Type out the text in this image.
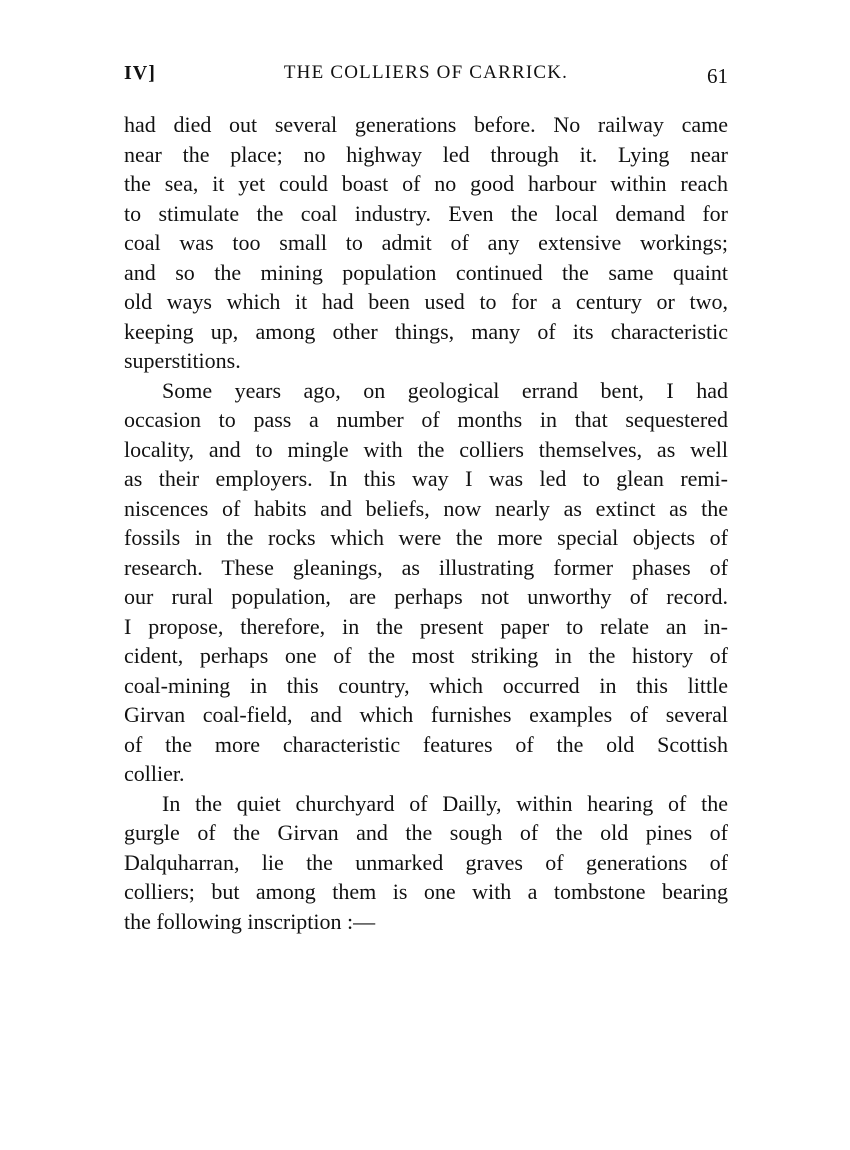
IV]	THE COLLIERS OF CARRICK.	61
had died out several generations before. No railway came
near the place; no highway led through it. Lying near
the sea, it yet could boast of no good harbour within reach
to stimulate the coal industry. Even the local demand for
coal was too small to admit of any extensive workings;
and so the mining population continued the same quaint
old ways which it had been used to for a century or two,
keeping up, among other things, many of its characteristic
superstitions.
Some years ago, on geological errand bent, I had
occasion to pass a number of months in that sequestered
locality, and to mingle with the colliers themselves, as well
as their employers. In this way I was led to glean remi-
niscences of habits and beliefs, now nearly as extinct as the
fossils in the rocks which were the more special objects of
research. These gleanings, as illustrating former phases of
our rural population, are perhaps not unworthy of record.
I propose, therefore, in the present paper to relate an in-
cident, perhaps one of the most striking in the history of
coal-mining in this country, which occurred in this little
Girvan coal-field, and which furnishes examples of several
of the more characteristic features of the old Scottish
collier.
In the quiet churchyard of Dailly, within hearing of the
gurgle of the Girvan and the sough of the old pines of
Dalquharran, lie the unmarked graves of generations of
colliers; but among them is one with a tombstone bearing
the following inscription :—
